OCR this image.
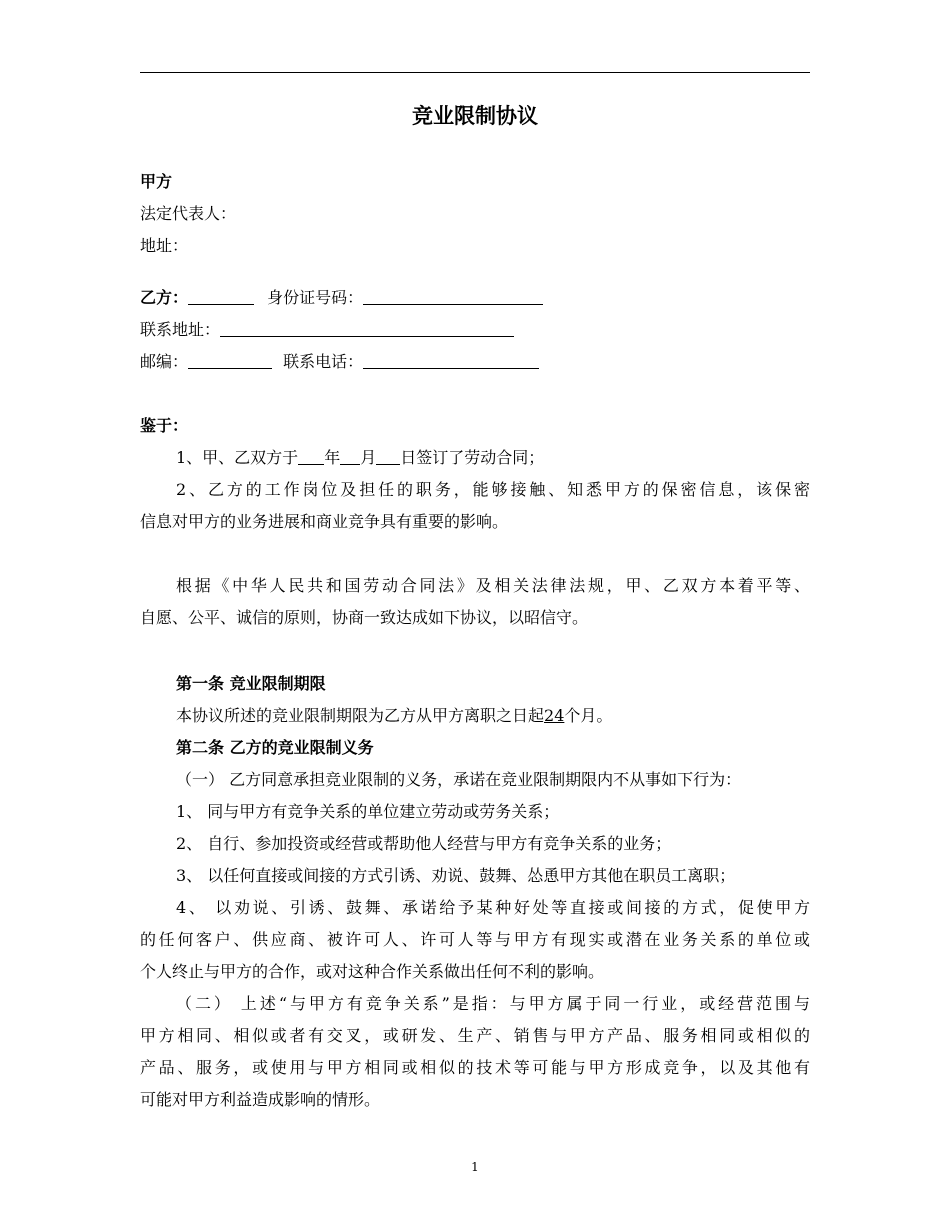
竞业限制协议
甲方
法定代表人：
地址：
乙方：	身份证号码：
联系地址：
邮编：	联系电话：
鉴于：
1、甲、乙双方于 年 月 日签订了劳动合同；
2、乙方的工作岗位及担任的职务，能够接触、知悉甲方的保密信息，该保密
信息对甲方的业务进展和商业竞争具有重要的影响。
根据《中华人民共和国劳动合同法》及相关法律法规，甲、乙双方本着平等、
自愿、公平、诚信的原则，协商一致达成如下协议，以昭信守。
第一条 竞业限制期限
本协议所述的竞业限制期限为乙方从甲方离职之日起24个月。
第二条 乙方的竞业限制义务
（一） 乙方同意承担竞业限制的义务，承诺在竞业限制期限内不从事如下行为：
1、 同与甲方有竞争关系的单位建立劳动或劳务关系；
2、 自行、参加投资或经营或帮助他人经营与甲方有竞争关系的业务；
3、 以任何直接或间接的方式引诱、劝说、鼓舞、怂恿甲方其他在职员工离职；
4、 以劝说、引诱、鼓舞、承诺给予某种好处等直接或间接的方式，促使甲方
的任何客户、供应商、被许可人、许可人等与甲方有现实或潜在业务关系的单位或
个人终止与甲方的合作，或对这种合作关系做出任何不利的影响。
（二） 上述“与甲方有竞争关系”是指：与甲方属于同一行业，或经营范围与
甲方相同、相似或者有交叉，或研发、生产、销售与甲方产品、服务相同或相似的
产品、服务，或使用与甲方相同或相似的技术等可能与甲方形成竞争，以及其他有
可能对甲方利益造成影响的情形。
1
